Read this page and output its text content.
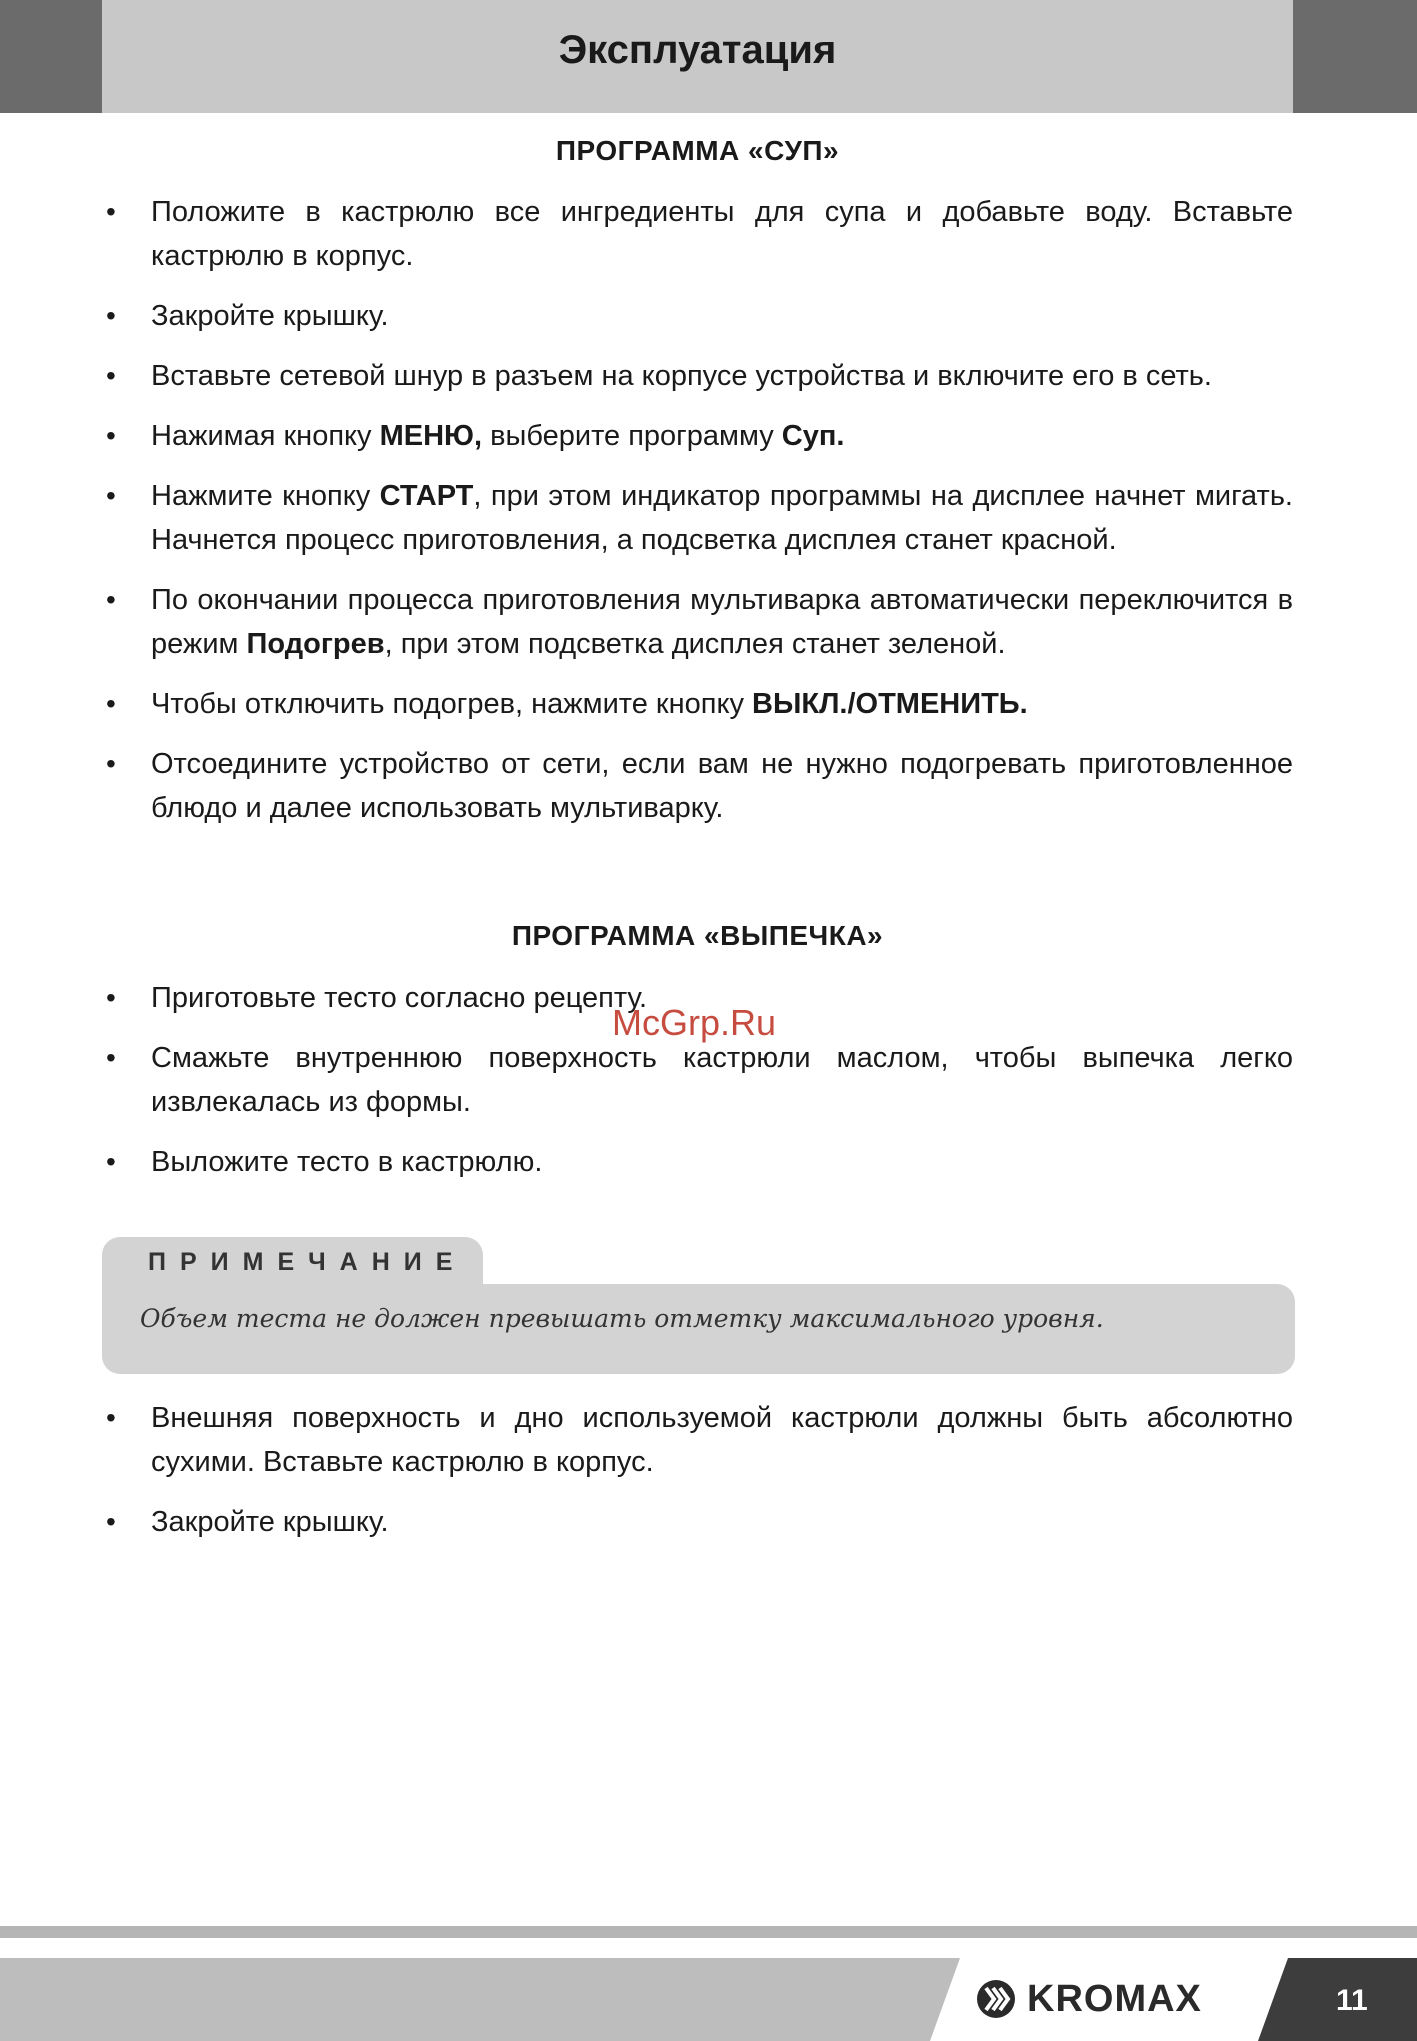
Эксплуатация
ПРОГРАММА «СУП»
• Положите в кастрюлю все ингредиенты для супа и добавьте воду. Вставьте кастрюлю в корпус.
• Закройте крышку.
• Вставьте сетевой шнур в разъем на корпусе устройства и включите его в сеть.
• Нажимая кнопку МЕНЮ, выберите программу Суп.
• Нажмите кнопку СТАРТ, при этом индикатор программы на дисплее начнет мигать. Начнется процесс приготовления, а подсветка дисплея станет красной.
• По окончании процесса приготовления мультиварка автоматически переключится в режим Подогрев, при этом подсветка дисплея станет зеленой.
• Чтобы отключить подогрев, нажмите кнопку ВЫКЛ./ОТМЕНИТЬ.
• Отсоедините устройство от сети, если вам не нужно подогревать приготовленное блюдо и далее использовать мультиварку.
ПРОГРАММА «ВЫПЕЧКА»
• Приготовьте тесто согласно рецепту.
• Смажьте внутреннюю поверхность кастрюли маслом, чтобы выпечка легко извлекалась из формы.
• Выложите тесто в кастрюлю.
McGrp.Ru
ПРИМЕЧАНИЕ
Объем теста не должен превышать отметку максимального уровня.
• Внешняя поверхность и дно используемой кастрюли должны быть абсолютно сухими. Вставьте кастрюлю в корпус.
• Закройте крышку.
KROMAX	11
